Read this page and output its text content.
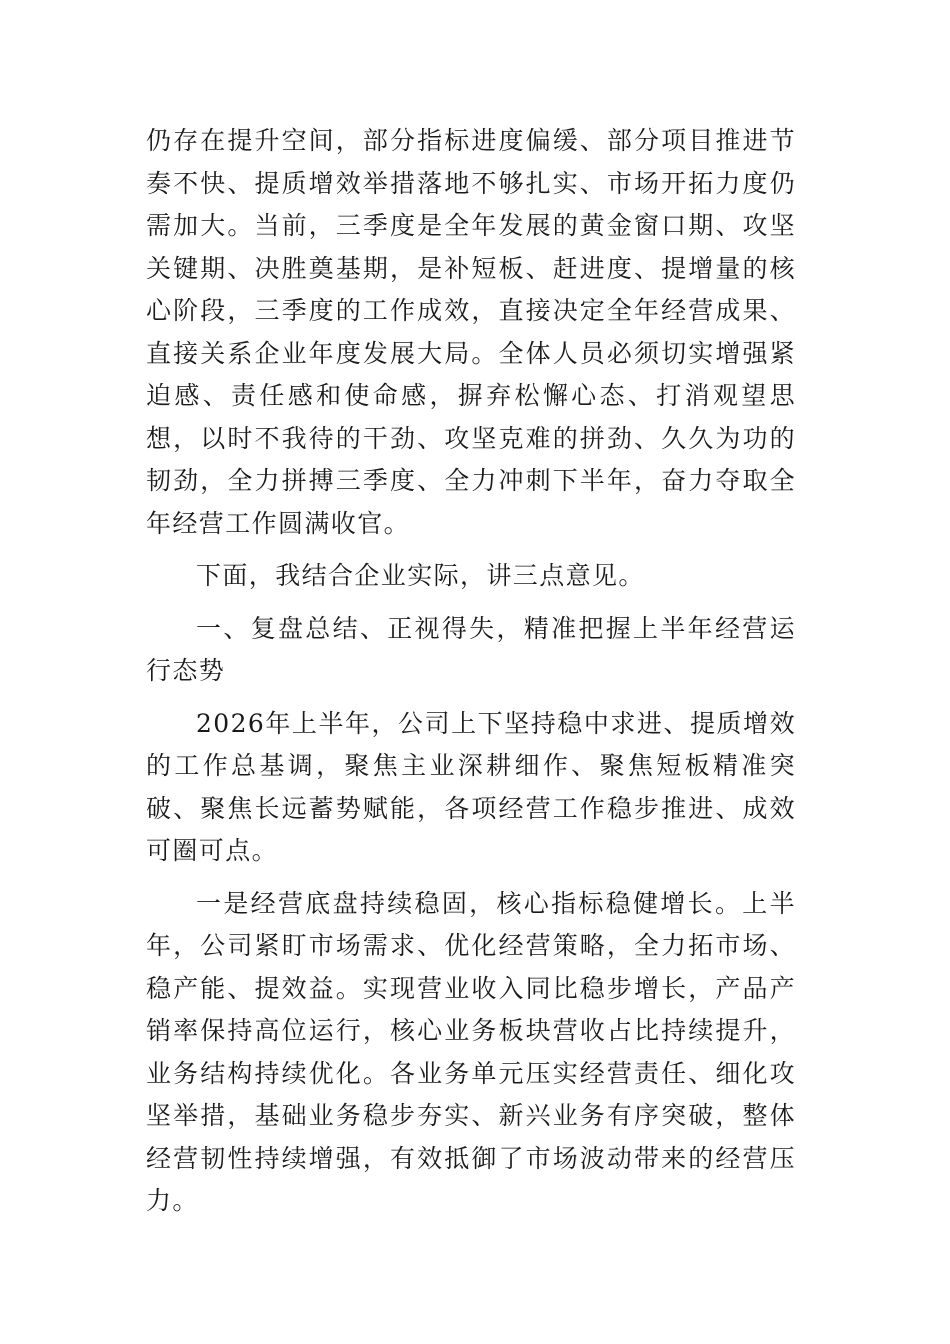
仍存在提升空间，部分指标进度偏缓、部分项目推进节奏不快、提质增效举措落地不够扎实、市场开拓力度仍需加大。当前，三季度是全年发展的黄金窗口期、攻坚关键期、决胜奠基期，是补短板、赶进度、提增量的核心阶段，三季度的工作成效，直接决定全年经营成果、直接关系企业年度发展大局。全体人员必须切实增强紧迫感、责任感和使命感，摒弃松懈心态、打消观望思想，以时不我待的干劲、攻坚克难的拼劲、久久为功的韧劲，全力拼搏三季度、全力冲刺下半年，奋力夺取全年经营工作圆满收官。

下面，我结合企业实际，讲三点意见。

一、复盘总结、正视得失，精准把握上半年经营运行态势

2026年上半年，公司上下坚持稳中求进、提质增效的工作总基调，聚焦主业深耕细作、聚焦短板精准突破、聚焦长远蓄势赋能，各项经营工作稳步推进、成效可圈可点。

一是经营底盘持续稳固，核心指标稳健增长。上半年，公司紧盯市场需求、优化经营策略，全力拓市场、稳产能、提效益。实现营业收入同比稳步增长，产品产销率保持高位运行，核心业务板块营收占比持续提升，业务结构持续优化。各业务单元压实经营责任、细化攻坚举措，基础业务稳步夯实、新兴业务有序突破，整体经营韧性持续增强，有效抵御了市场波动带来的经营压力。
